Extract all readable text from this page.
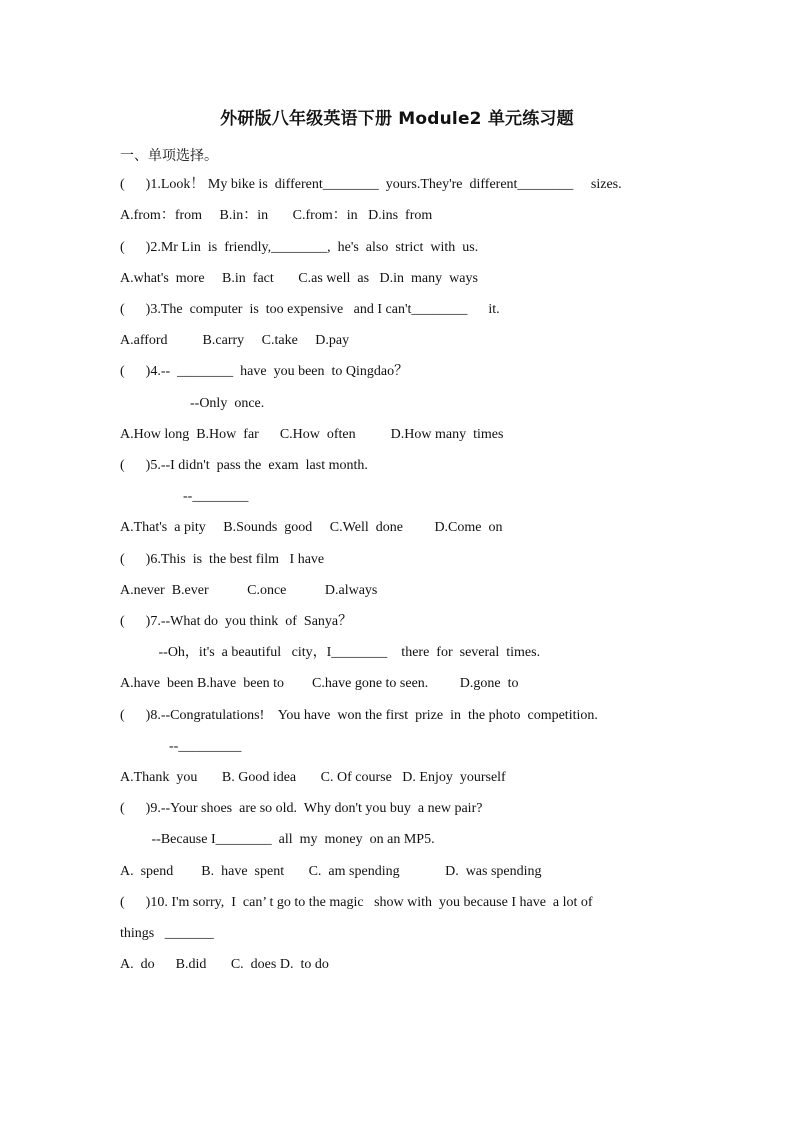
外研版八年级英语下册 Module2 单元练习题
一、单项选择。
(      )1.Look！ My bike is  different________  yours.They're  different________     sizes.
A.from：from     B.in：in       C.from：in   D.ins  from
(      )2.Mr Lin  is  friendly,________,  he's  also  strict  with  us.
A.what's  more     B.in  fact       C.as well  as   D.in  many  ways
(      )3.The  computer  is  too expensive   and I can't________      it.
A.afford          B.carry     C.take     D.pay
(      )4.--  ________  have  you been  to Qingdao？
--Only  once.
A.How long  B.How  far      C.How  often          D.How many  times
(      )5.--I didn't  pass the  exam  last month.
--________
A.That's  a pity     B.Sounds  good     C.Well  done         D.Come  on
(      )6.This  is  the best film   I have
A.never  B.ever           C.once           D.always
(      )7.--What do  you think  of  Sanya？
--Oh，it's  a beautiful   city，I________    there  for  several  times.
A.have  been B.have  been to        C.have gone to seen.         D.gone  to
(      )8.--Congratulations!    You have  won the first  prize  in  the photo  competition.
--_________
A.Thank  you       B. Good idea       C. Of course   D. Enjoy  yourself
(      )9.--Your shoes  are so old.  Why don't you buy  a new pair?
--Because I________  all  my  money  on an MP5.
A.  spend        B.  have  spent       C.  am spending             D.  was spending
(      )10. I'm sorry,  I  can’ t go to the magic   show with  you because I have  a lot of
things   _______
A.  do      B.did       C.  does D.  to do
